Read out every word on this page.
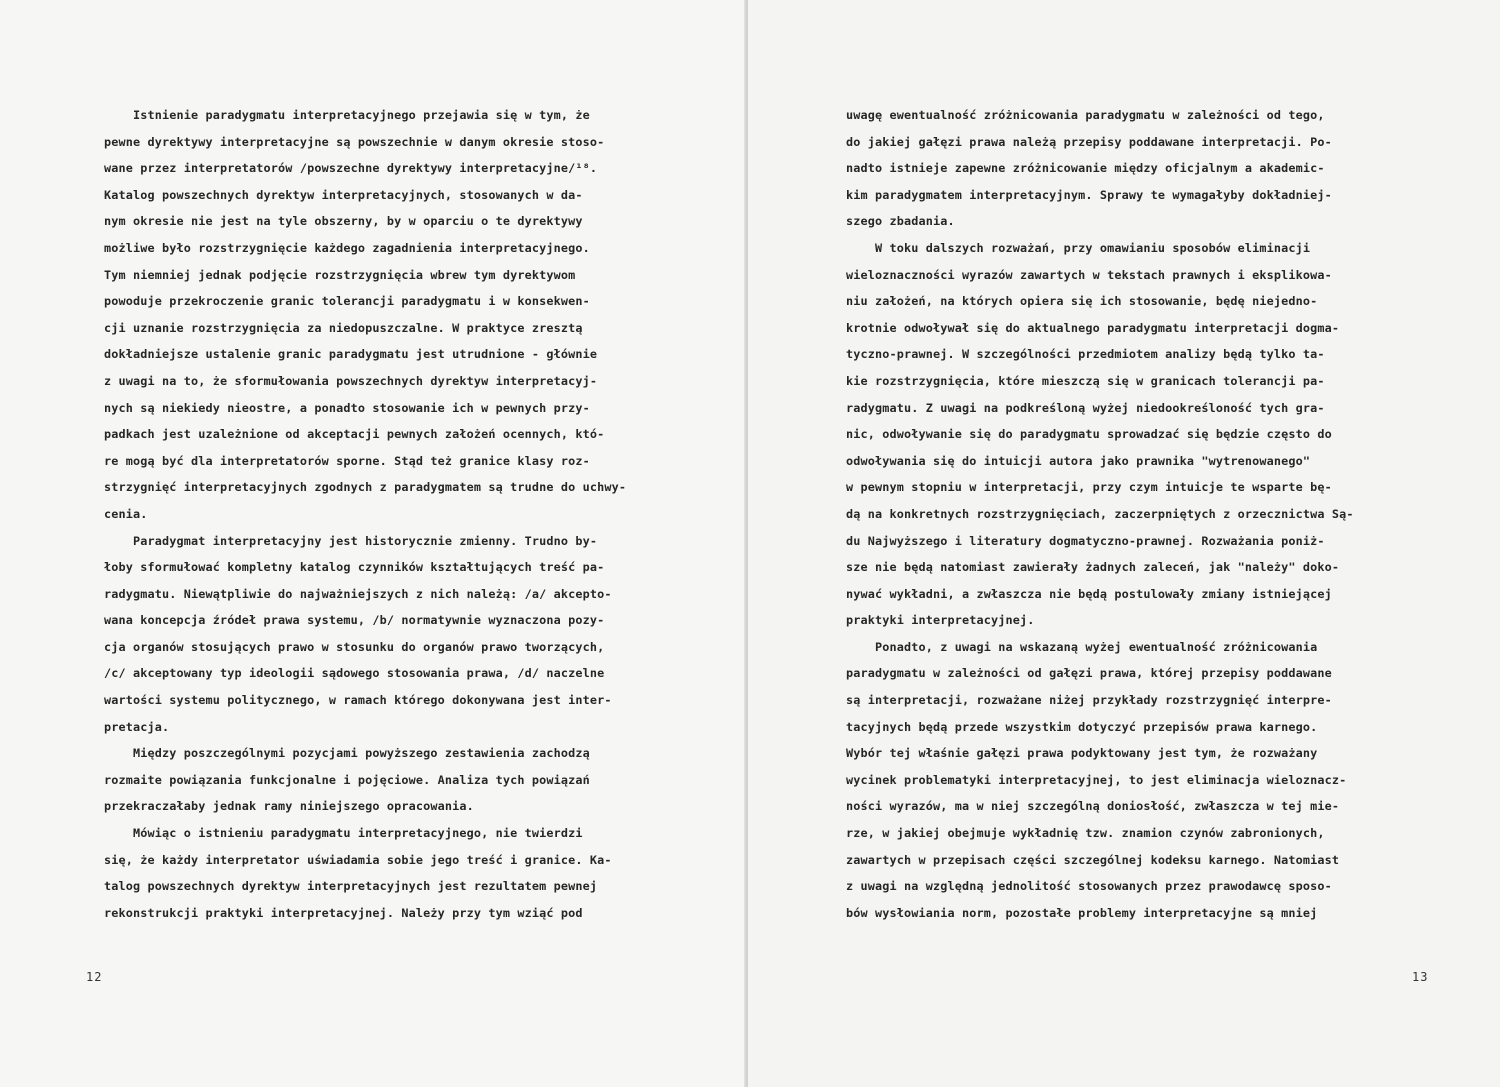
Istnienie paradygmatu interpretacyjnego przejawia się w tym, że
pewne dyrektywy interpretacyjne są powszechnie w danym okresie stoso-
wane przez interpretatorów /powszechne dyrektywy interpretacyjne/¹⁸.
Katalog powszechnych dyrektyw interpretacyjnych, stosowanych w da-
nym okresie nie jest na tyle obszerny, by w oparciu o te dyrektywy
możliwe było rozstrzygnięcie każdego zagadnienia interpretacyjnego.
Tym niemniej jednak podjęcie rozstrzygnięcia wbrew tym dyrektywom
powoduje przekroczenie granic tolerancji paradygmatu i w konsekwen-
cji uznanie rozstrzygnięcia za niedopuszczalne. W praktyce zresztą
dokładniejsze ustalenie granic paradygmatu jest utrudnione - głównie
z uwagi na to, że sformułowania powszechnych dyrektyw interpretacyj-
nych są niekiedy nieostre, a ponadto stosowanie ich w pewnych przy-
padkach jest uzależnione od akceptacji pewnych założeń ocennych, któ-
re mogą być dla interpretatorów sporne. Stąd też granice klasy roz-
strzygnięć interpretacyjnych zgodnych z paradygmatem są trudne do uchwy-
cenia.
Paradygmat interpretacyjny jest historycznie zmienny. Trudno by-
łoby sformułować kompletny katalog czynników kształtujących treść pa-
radygmatu. Niewątpliwie do najważniejszych z nich należą: /a/ akcepto-
wana koncepcja źródeł prawa systemu, /b/ normatywnie wyznaczona pozy-
cja organów stosujących prawo w stosunku do organów prawo tworzących,
/c/ akceptowany typ ideologii sądowego stosowania prawa, /d/ naczelne
wartości systemu politycznego, w ramach którego dokonywana jest inter-
pretacja.
Między poszczególnymi pozycjami powyższego zestawienia zachodzą
rozmaite powiązania funkcjonalne i pojęciowe. Analiza tych powiązań
przekraczałaby jednak ramy niniejszego opracowania.
Mówiąc o istnieniu paradygmatu interpretacyjnego, nie twierdzi
się, że każdy interpretator uświadamia sobie jego treść i granice. Ka-
talog powszechnych dyrektyw interpretacyjnych jest rezultatem pewnej
rekonstrukcji praktyki interpretacyjnej. Należy przy tym wziąć pod
12
uwagę ewentualność zróżnicowania paradygmatu w zależności od tego,
do jakiej gałęzi prawa należą przepisy poddawane interpretacji. Po-
nadto istnieje zapewne zróżnicowanie między oficjalnym a akademic-
kim paradygmatem interpretacyjnym. Sprawy te wymagałyby dokładniej-
szego zbadania.
W toku dalszych rozważań, przy omawianiu sposobów eliminacji
wieloznaczności wyrazów zawartych w tekstach prawnych i eksplikowa-
niu założeń, na których opiera się ich stosowanie, będę niejedno-
krotnie odwoływał się do aktualnego paradygmatu interpretacji dogma-
tyczno-prawnej. W szczególności przedmiotem analizy będą tylko ta-
kie rozstrzygnięcia, które mieszczą się w granicach tolerancji pa-
radygmatu. Z uwagi na podkreśloną wyżej niedookreśloność tych gra-
nic, odwoływanie się do paradygmatu sprowadzać się będzie często do
odwoływania się do intuicji autora jako prawnika "wytrenowanego"
w pewnym stopniu w interpretacji, przy czym intuicje te wsparte bę-
dą na konkretnych rozstrzygnięciach, zaczerpniętych z orzecznictwa Są-
du Najwyższego i literatury dogmatyczno-prawnej. Rozważania poniż-
sze nie będą natomiast zawierały żadnych zaleceń, jak "należy" doko-
nywać wykładni, a zwłaszcza nie będą postulowały zmiany istniejącej
praktyki interpretacyjnej.
Ponadto, z uwagi na wskazaną wyżej ewentualność zróżnicowania
paradygmatu w zależności od gałęzi prawa, której przepisy poddawane
są interpretacji, rozważane niżej przykłady rozstrzygnięć interpre-
tacyjnych będą przede wszystkim dotyczyć przepisów prawa karnego.
Wybór tej właśnie gałęzi prawa podyktowany jest tym, że rozważany
wycinek problematyki interpretacyjnej, to jest eliminacja wieloznacz-
ności wyrazów, ma w niej szczególną doniosłość, zwłaszcza w tej mie-
rze, w jakiej obejmuje wykładnię tzw. znamion czynów zabronionych,
zawartych w przepisach części szczególnej kodeksu karnego. Natomiast
z uwagi na względną jednolitość stosowanych przez prawodawcę sposo-
bów wysłowiania norm, pozostałe problemy interpretacyjne są mniej
13
